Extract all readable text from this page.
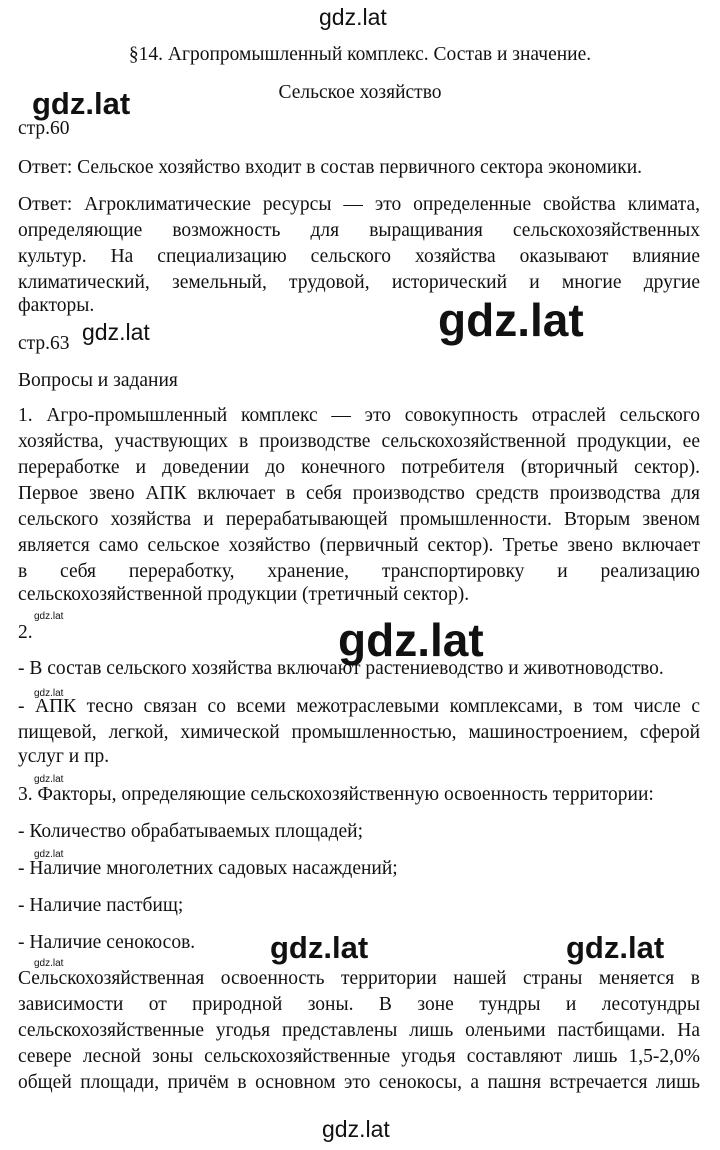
gdz.lat
gdz.lat
gdz.lat
gdz.lat
gdz.lat	gdz.lat
gdz.lat
gdz.lat
gdz.lat
gdz.lat	gdz.lat
gdz.lat
gdz.lat
§14. Агропромышленный комплекс. Состав и значение.
Сельское хозяйство
стр.60
Ответ: Сельское хозяйство входит в состав первичного сектора экономики.
Ответ: Агроклиматические ресурсы — это определенные свойства климата,
определяющие возможность для выращивания сельскохозяйственных
культур. На специализацию сельского хозяйства оказывают влияние
климатический, земельный, трудовой, исторический и многие другие
факторы.
стр.63
Вопросы и задания
1. Агро-промышленный комплекс — это совокупность отраслей сельского
хозяйства, участвующих в производстве сельскохозяйственной продукции, ее
переработке и доведении до конечного потребителя (вторичный сектор).
Первое звено АПК включает в себя производство средств производства для
сельского хозяйства и перерабатывающей промышленности. Вторым звеном
является само сельское хозяйство (первичный сектор). Третье звено включает
в себя переработку, хранение, транспортировку и реализацию
сельскохозяйственной продукции (третичный сектор).
2.
- В состав сельского хозяйства включают растениеводство и животноводство.
- АПК тесно связан со всеми межотраслевыми комплексами, в том числе с
пищевой, легкой, химической промышленностью, машиностроением, сферой
услуг и пр.
3. Факторы, определяющие сельскохозяйственную освоенность территории:
- Количество обрабатываемых площадей;
- Наличие многолетних садовых насаждений;
- Наличие пастбищ;
- Наличие сенокосов.
Сельскохозяйственная освоенность территории нашей страны меняется в
зависимости от природной зоны. В зоне тундры и лесотундры
сельскохозяйственные угодья представлены лишь оленьими пастбищами. На
севере лесной зоны сельскохозяйственные угодья составляют лишь 1,5-2,0%
общей площади, причём в основном это сенокосы, а пашня встречается лишь
